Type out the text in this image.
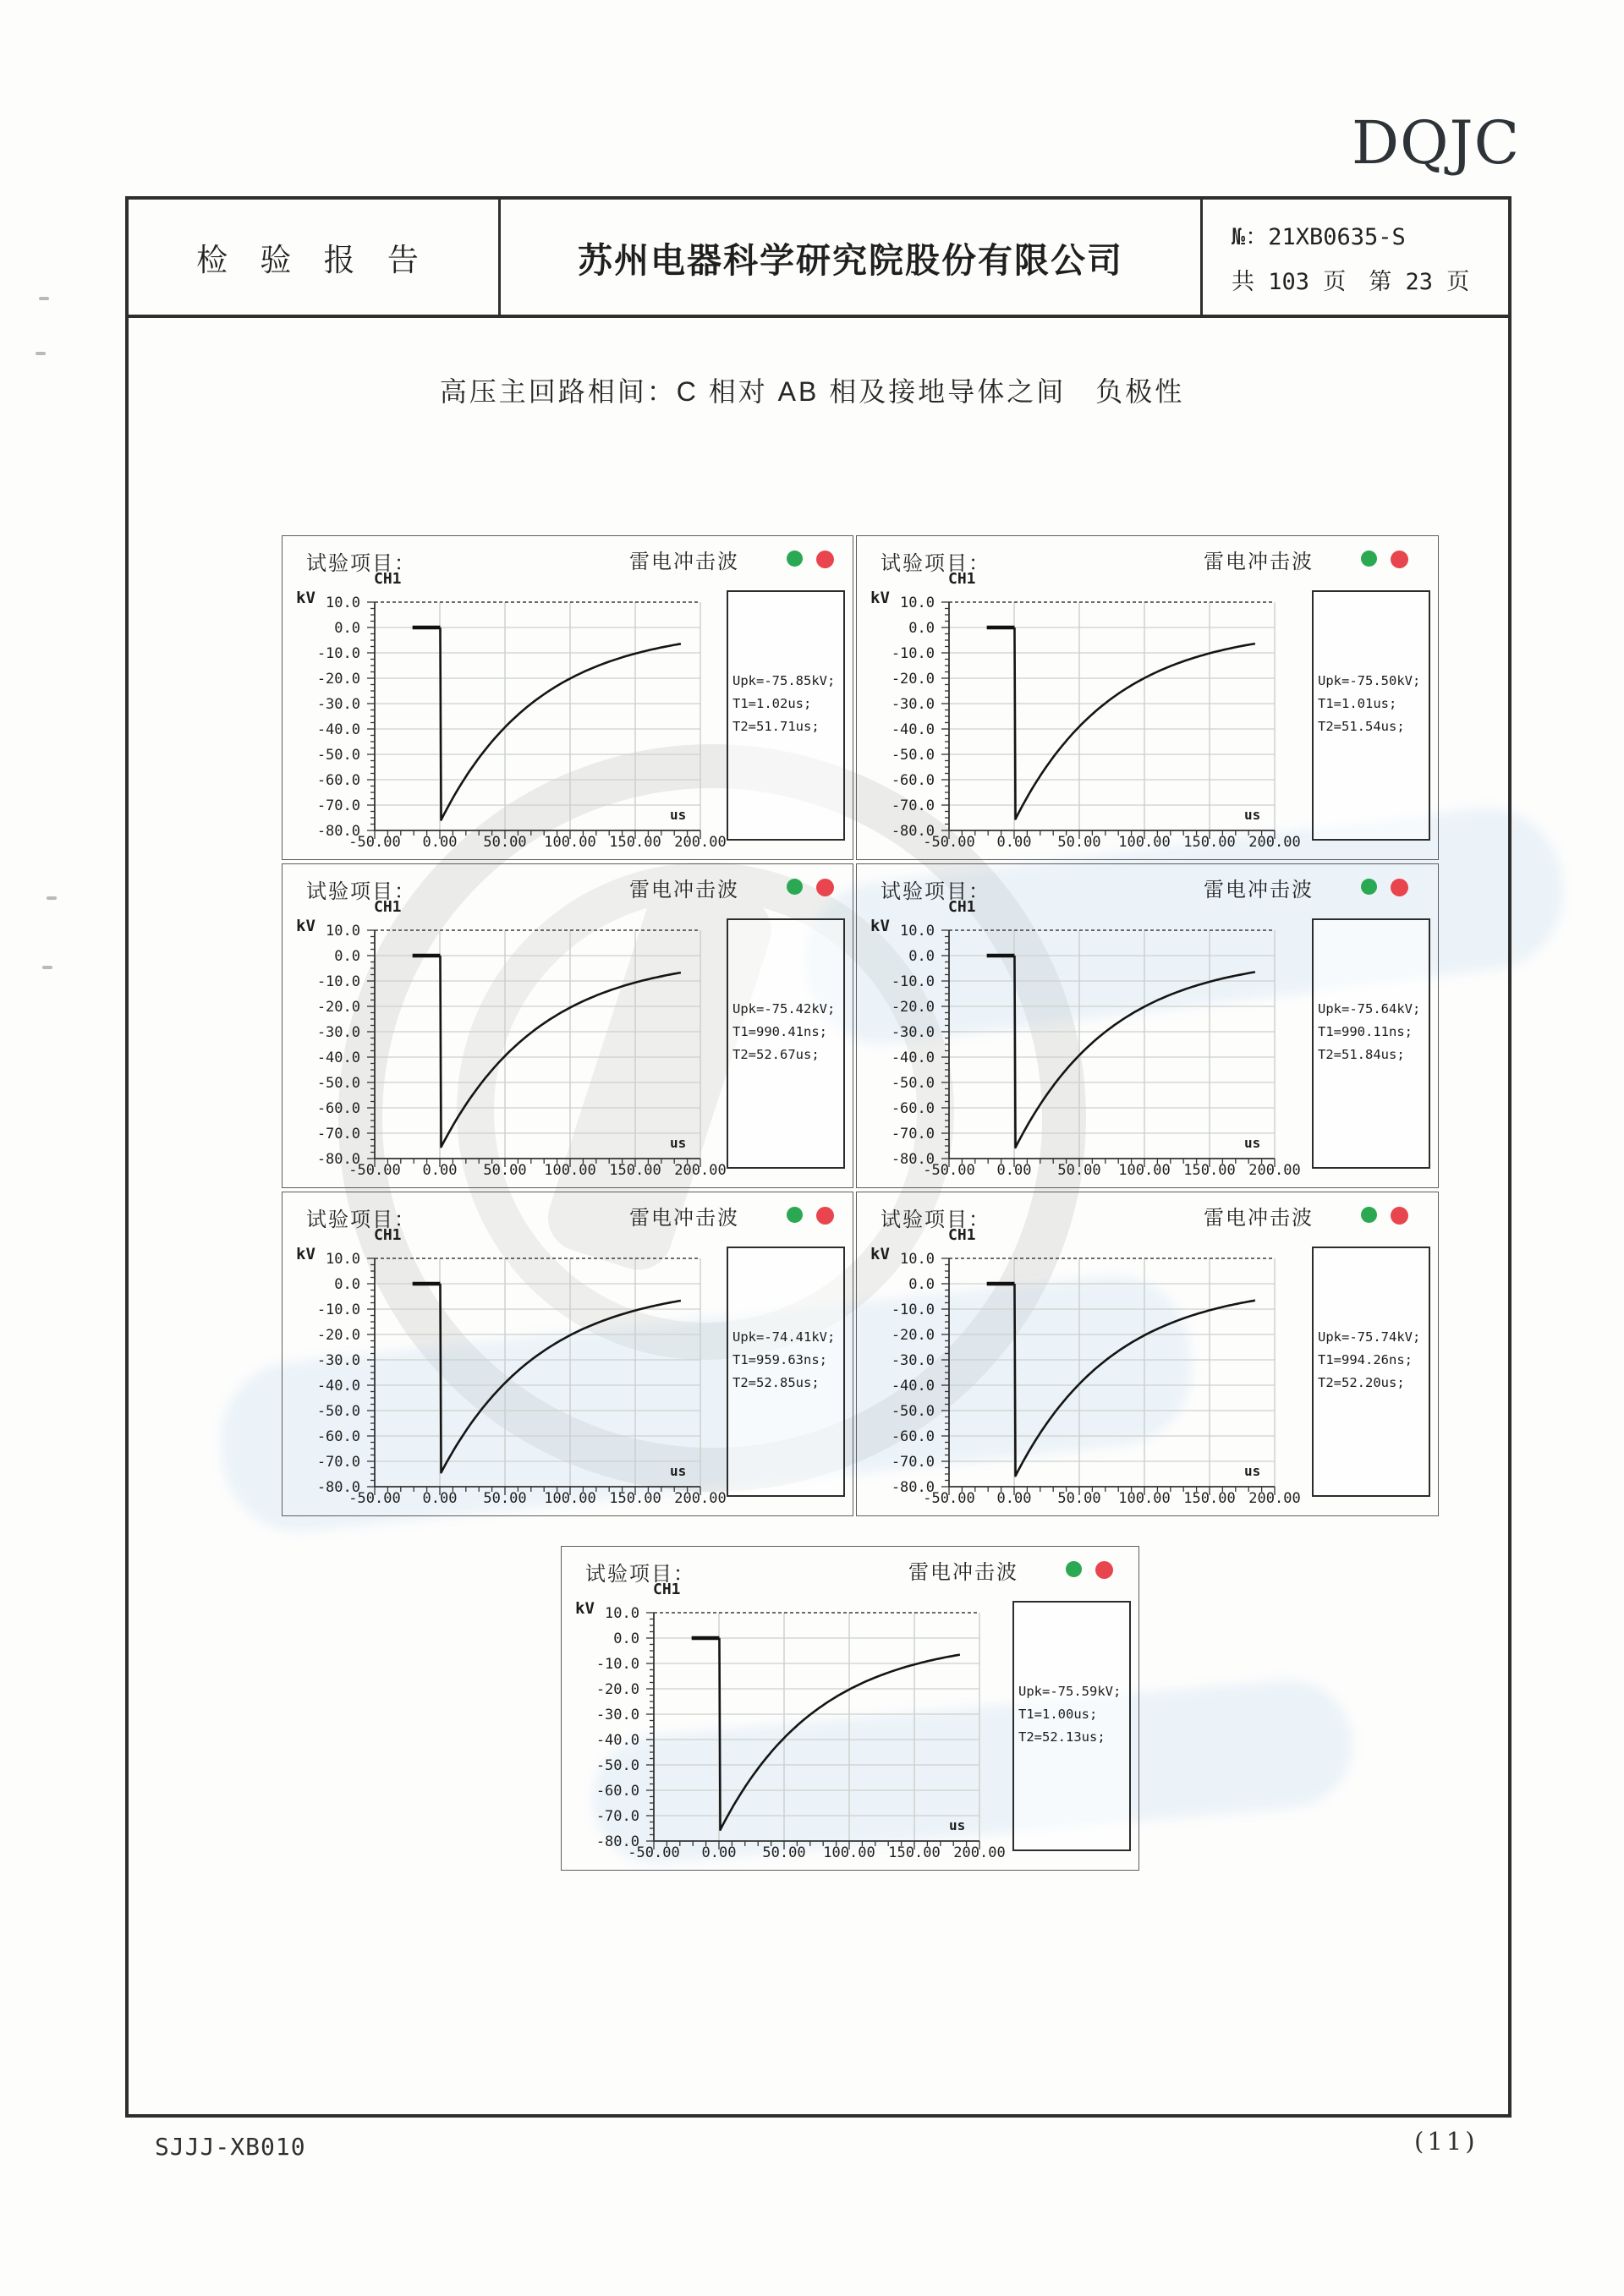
DQJC
检 验 报 告	苏州电器科学研究院股份有限公司
№：21XB0635-S
共 103 页　第 23 页
高压主回路相间：C 相对 AB 相及接地导体之间　负极性
试验项目：	雷电冲击波
CH1
kV 10.0
0.0
-10.0
-20.0
-30.0
-40.0
-50.0
-60.0
-70.0
-80.0
us
-50.00	0.00	50.00	100.00 150.00 200.00
Upk=-75.85kV;
T1=1.02us;
T2=51.71us;
试验项目：	雷电冲击波
CH1
kV 10.0
0.0
-10.0
-20.0
-30.0
-40.0
-50.0
-60.0
-70.0
-80.0
us
-50.00	0.00	50.00	100.00 150.00 200.00
Upk=-75.50kV;
T1=1.01us;
T2=51.54us;
试验项目：	雷电冲击波
CH1
kV 10.0
0.0
-10.0
-20.0
-30.0
-40.0
-50.0
-60.0
-70.0
-80.0
us
-50.00	0.00	50.00	100.00 150.00 200.00
Upk=-75.42kV;
T1=990.41ns;
T2=52.67us;
试验项目：	雷电冲击波
CH1
kV 10.0
0.0
-10.0
-20.0
-30.0
-40.0
-50.0
-60.0
-70.0
-80.0
us
-50.00	0.00	50.00	100.00 150.00 200.00
Upk=-75.64kV;
T1=990.11ns;
T2=51.84us;
试验项目：	雷电冲击波
CH1
kV 10.0
0.0
-10.0
-20.0
-30.0
-40.0
-50.0
-60.0
-70.0
-80.0
us
-50.00	0.00	50.00	100.00 150.00 200.00
Upk=-74.41kV;
T1=959.63ns;
T2=52.85us;
试验项目：	雷电冲击波
CH1
kV 10.0
0.0
-10.0
-20.0
-30.0
-40.0
-50.0
-60.0
-70.0
-80.0
us
-50.00	0.00	50.00	100.00 150.00 200.00
Upk=-75.74kV;
T1=994.26ns;
T2=52.20us;
试验项目：	雷电冲击波
CH1
kV 10.0
0.0
-10.0
-20.0
-30.0
-40.0
-50.0
-60.0
-70.0
-80.0
us
-50.00	0.00	50.00	100.00 150.00 200.00
Upk=-75.59kV;
T1=1.00us;
T2=52.13us;
SJJJ-XB010	(11)
